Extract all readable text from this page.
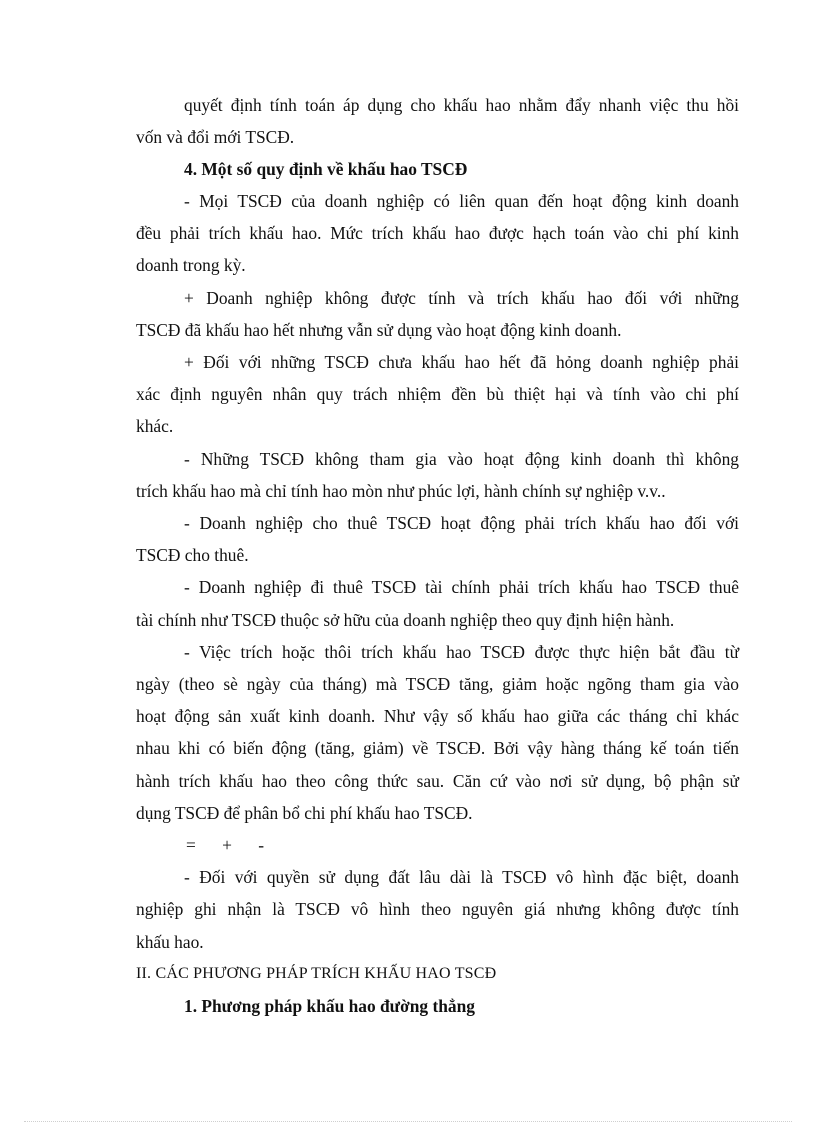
quyết định tính toán áp dụng cho khấu hao nhằm đẩy nhanh việc thu hồi
vốn và đổi mới TSCĐ.
4. Một số quy định về khấu hao TSCĐ
- Mọi TSCĐ của doanh nghiệp có liên quan đến hoạt động kinh doanh
đều phải trích khấu hao. Mức trích khấu hao được hạch toán vào chi phí kinh
doanh trong kỳ.
+ Doanh nghiệp không được tính và trích khấu hao đối với những
TSCĐ đã khấu hao hết nhưng vẫn sử dụng vào hoạt động kinh doanh.
+ Đối với những TSCĐ chưa khấu hao hết đã hỏng doanh nghiệp phải
xác định nguyên nhân quy trách nhiệm đền bù thiệt hại và tính vào chi phí
khác.
- Những TSCĐ không tham gia vào hoạt động kinh doanh thì không
trích khấu hao mà chỉ tính hao mòn như phúc lợi, hành chính sự nghiệp v.v..
- Doanh nghiệp cho thuê TSCĐ hoạt động phải trích khấu hao đối với
TSCĐ cho thuê.
- Doanh nghiệp đi thuê TSCĐ tài chính phải trích khấu hao TSCĐ thuê
tài chính như TSCĐ thuộc sở hữu của doanh nghiệp theo quy định hiện hành.
- Việc trích hoặc thôi trích khấu hao TSCĐ được thực hiện bắt đầu từ
ngày (theo sè ngày của tháng) mà TSCĐ tăng, giảm hoặc ngõng tham gia vào
hoạt động sản xuất kinh doanh. Như vậy số khấu hao giữa các tháng chỉ khác
nhau khi có biến động (tăng, giảm) về TSCĐ. Bởi vậy hàng tháng kế toán tiến
hành trích khấu hao theo công thức sau. Căn cứ vào nơi sử dụng, bộ phận sử
dụng TSCĐ để phân bổ chi phí khấu hao TSCĐ.
= + -
- Đối với quyền sử dụng đất lâu dài là TSCĐ vô hình đặc biệt, doanh
nghiệp ghi nhận là TSCĐ vô hình theo nguyên giá nhưng không được tính
khấu hao.
II. CÁC PHƯƠNG PHÁP TRÍCH KHẤU HAO TSCĐ
1. Phương pháp khấu hao đường thẳng
